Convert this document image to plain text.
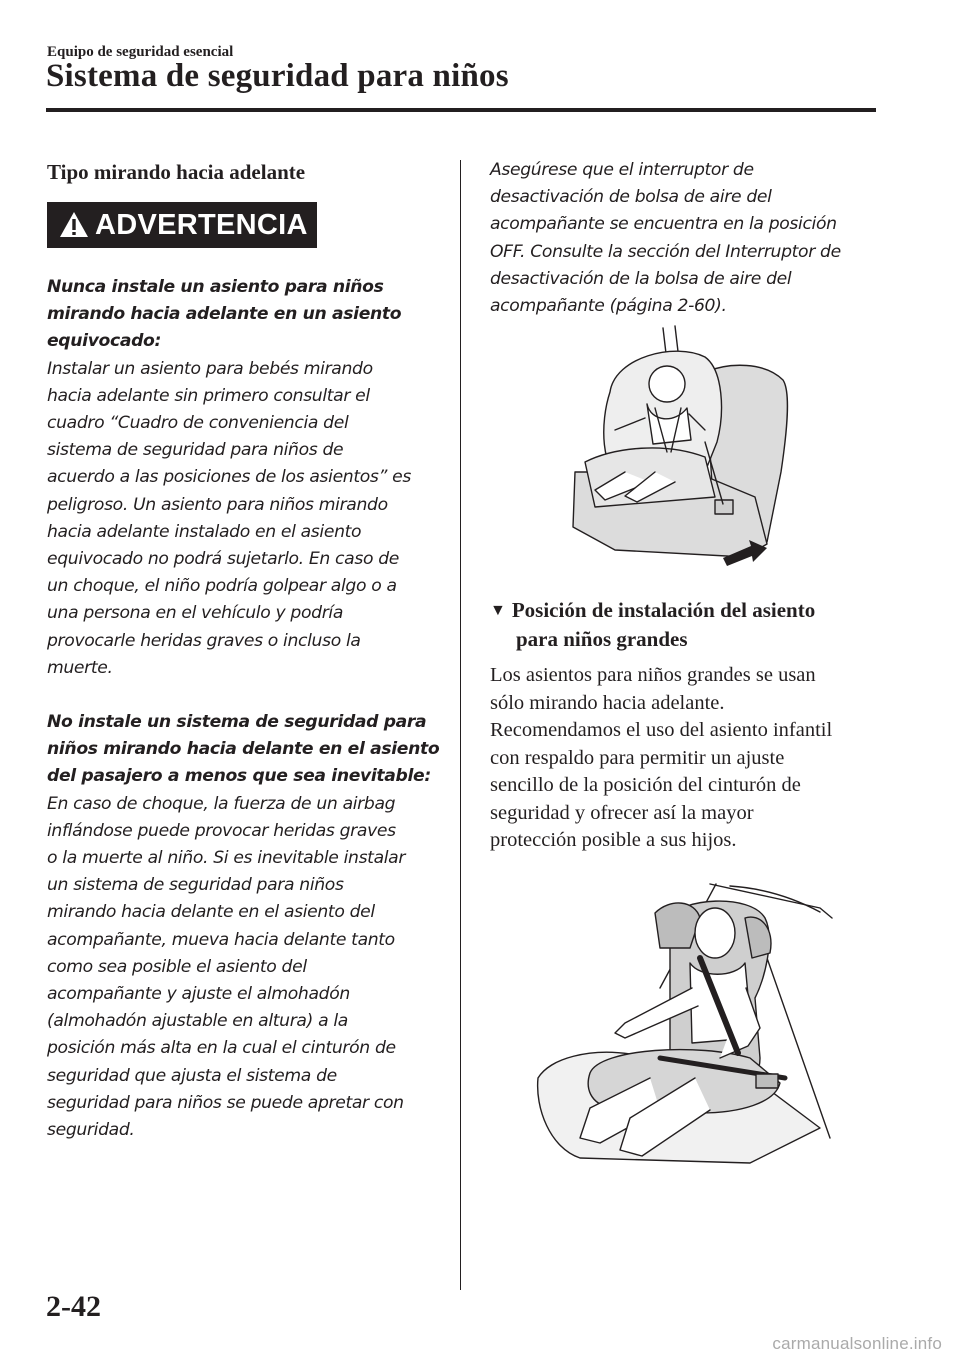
Equipo de seguridad esencial
Sistema de seguridad para niños
Tipo mirando hacia adelante
ADVERTENCIA

Nunca instale un asiento para niños

mirando hacia adelante en un asiento

equivocado:

Instalar un asiento para bebés mirando

hacia adelante sin primero consultar el

cuadro “Cuadro de conveniencia del

sistema de seguridad para niños de

acuerdo a las posiciones de los asientos” es

peligroso. Un asiento para niños mirando

hacia adelante instalado en el asiento

equivocado no podrá sujetarlo. En caso de

un choque, el niño podría golpear algo o a

una persona en el vehículo y podría

provocarle heridas graves o incluso la

muerte.

No instale un sistema de seguridad para

niños mirando hacia delante en el asiento

del pasajero a menos que sea inevitable:

En caso de choque, la fuerza de un airbag

inflándose puede provocar heridas graves

o la muerte al niño. Si es inevitable instalar

un sistema de seguridad para niños

mirando hacia delante en el asiento del

acompañante, mueva hacia delante tanto

como sea posible el asiento del

acompañante y ajuste el almohadón

(almohadón ajustable en altura) a la

posición más alta en la cual el cinturón de

seguridad que ajusta el sistema de

seguridad para niños se puede apretar con

seguridad.

Asegúrese que el interruptor de
desactivación de bolsa de aire del
acompañante se encuentra en la posición
OFF. Consulte la sección del Interruptor de
desactivación de la bolsa de aire del
acompañante (página 2-60).
▼ Posición de instalación del asiento
para niños grandes
Los asientos para niños grandes se usan
sólo mirando hacia adelante.
Recomendamos el uso del asiento infantil
con respaldo para permitir un ajuste
sencillo de la posición del cinturón de
seguridad y ofrecer así la mayor
protección posible a sus hijos.
2-42
carmanualsonline.info
